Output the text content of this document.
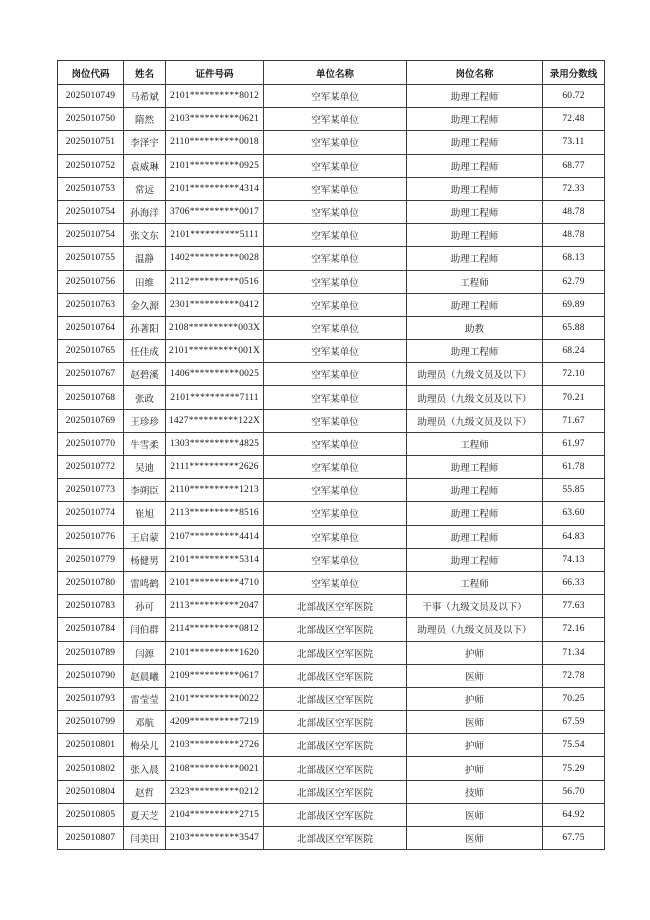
岗位代码	姓名	证件号码	单位名称	岗位名称	录用分数线
2025010749	马希斌	2101**********8012	空军某单位	助理工程师	60.72
2025010750	隋然	2103**********0621	空军某单位	助理工程师	72.48
2025010751	李泽宇	2110**********0018	空军某单位	助理工程师	73.11
2025010752	袁威琳	2101**********0925	空军某单位	助理工程师	68.77
2025010753	常远	2101**********4314	空军某单位	助理工程师	72.33
2025010754	孙海洋	3706**********0017	空军某单位	助理工程师	48.78
2025010754	张文东	2101**********5111	空军某单位	助理工程师	48.78
2025010755	温静	1402**********0028	空军某单位	助理工程师	68.13
2025010756	田维	2112**********0516	空军某单位	工程师	62.79
2025010763	金久源	2301**********0412	空军某单位	助理工程师	69.89
2025010764	孙著阳	2108**********003X	空军某单位	助教	65.88
2025010765	任佳成	2101**********001X	空军某单位	助理工程师	68.24
2025010767	赵碧溪	1406**********0025	空军某单位	助理员（九级文员及以下）	72.10
2025010768	张政	2101**********7111	空军某单位	助理员（九级文员及以下）	70.21
2025010769	王珍珍	1427**********122X	空军某单位	助理员（九级文员及以下）	71.67
2025010770	牛雪柔	1303**********4825	空军某单位	工程师	61.97
2025010772	吴迪	2111**********2626	空军某单位	助理工程师	61.78
2025010773	李朔臣	2110**********1213	空军某单位	助理工程师	55.85
2025010774	崔旭	2113**********8516	空军某单位	助理工程师	63.60
2025010776	王启蒙	2107**********4414	空军某单位	助理工程师	64.83
2025010779	杨健男	2101**********5314	空军某单位	助理工程师	74.13
2025010780	雷鸣鹤	2101**********4710	空军某单位	工程师	66.33
2025010783	孙可	2113**********2047	北部战区空军医院	干事（九级文员及以下）	77.63
2025010784	闫伯群	2114**********0812	北部战区空军医院	助理员（九级文员及以下）	72.16
2025010789	闫源	2101**********1620	北部战区空军医院	护师	71.34
2025010790	赵晨曦	2109**********0617	北部战区空军医院	医师	72.78
2025010793	雷莹莹	2101**********0022	北部战区空军医院	护师	70.25
2025010799	邓航	4209**********7219	北部战区空军医院	医师	67.59
2025010801	梅朵儿	2103**********2726	北部战区空军医院	护师	75.54
2025010802	张入晨	2108**********0021	北部战区空军医院	护师	75.29
2025010804	赵哲	2323**********0212	北部战区空军医院	技师	56.70
2025010805	夏天芝	2104**********2715	北部战区空军医院	医师	64.92
2025010807	闫美田	2103**********3547	北部战区空军医院	医师	67.75
